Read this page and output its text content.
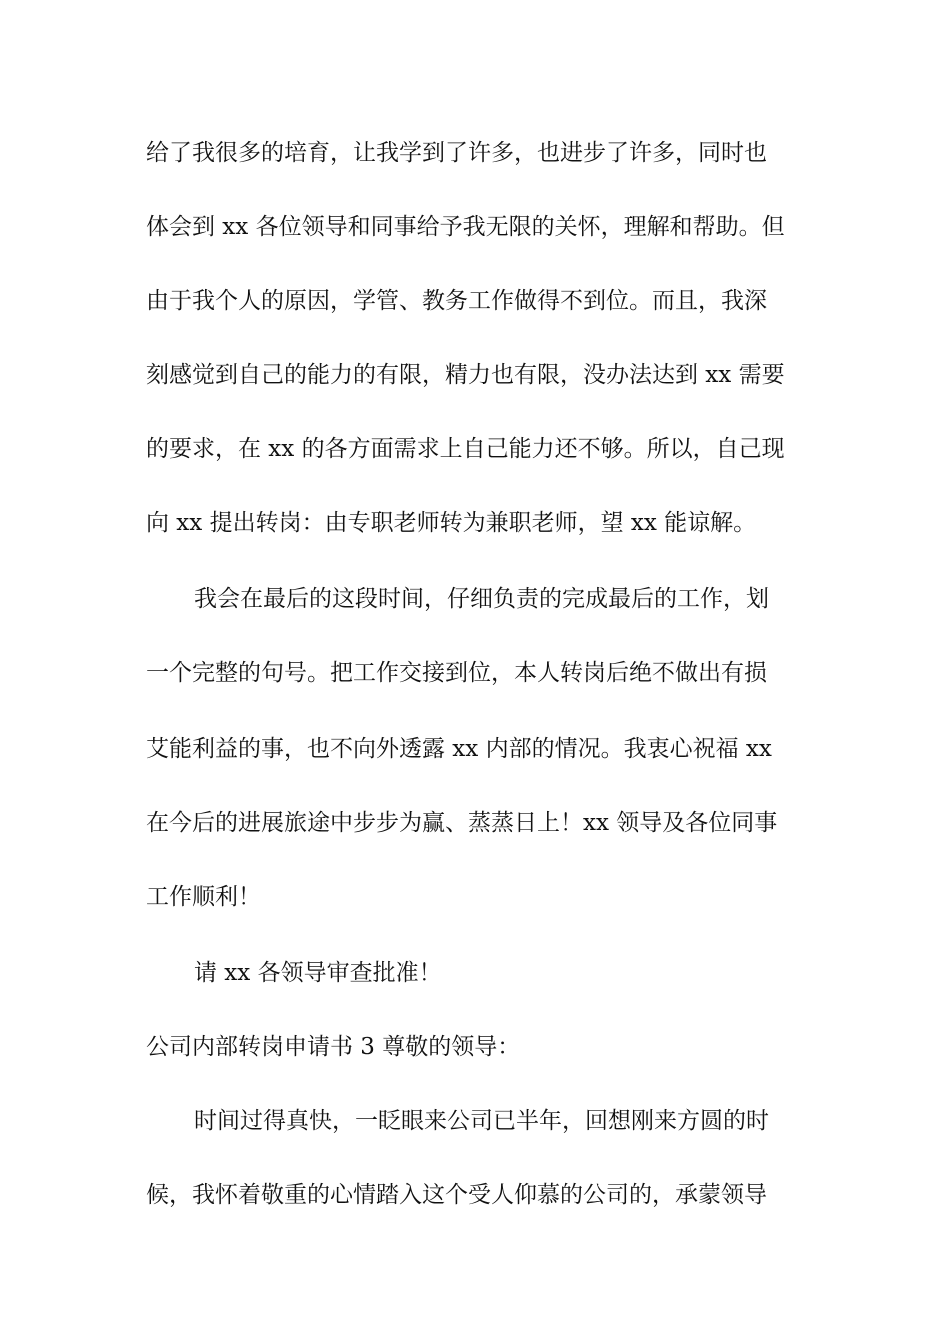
给了我很多的培育，让我学到了许多，也进步了许多，同时也
体会到 xx 各位领导和同事给予我无限的关怀，理解和帮助。但
由于我个人的原因，学管、教务工作做得不到位。而且，我深
刻感觉到自己的能力的有限，精力也有限，没办法达到 xx 需要
的要求，在 xx 的各方面需求上自己能力还不够。所以，自己现
向 xx 提出转岗：由专职老师转为兼职老师，望 xx 能谅解。
我会在最后的这段时间，仔细负责的完成最后的工作，划
一个完整的句号。把工作交接到位，本人转岗后绝不做出有损
艾能利益的事，也不向外透露 xx 内部的情况。我衷心祝福 xx
在今后的进展旅途中步步为赢、蒸蒸日上！xx 领导及各位同事
工作顺利！
请 xx 各领导审查批准！
公司内部转岗申请书 3 尊敬的领导：
时间过得真快，一眨眼来公司已半年，回想刚来方圆的时
候，我怀着敬重的心情踏入这个受人仰慕的公司的，承蒙领导
